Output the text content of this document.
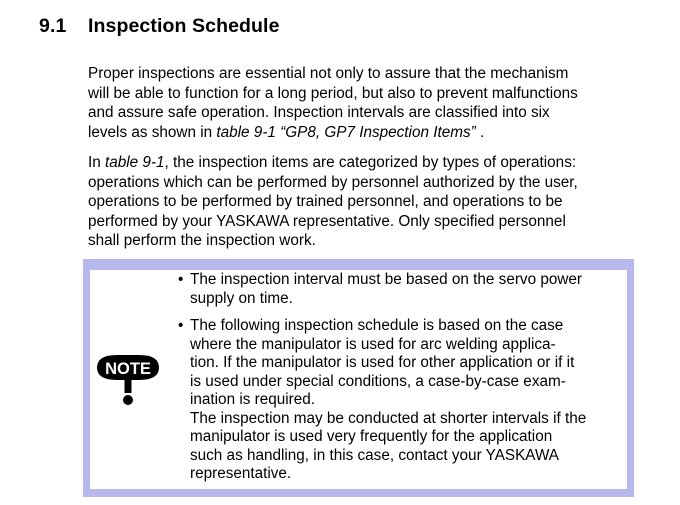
9.1 Inspection Schedule
Proper inspections are essential not only to assure that the mechanism
will be able to function for a long period, but also to prevent malfunctions
and assure safe operation. Inspection intervals are classified into six
levels as shown in table 9-1 “GP8, GP7 Inspection Items” .
In table 9-1, the inspection items are categorized by types of operations:
operations which can be performed by personnel authorized by the user,
operations to be performed by trained personnel, and operations to be
performed by your YASKAWA representative. Only specified personnel
shall perform the inspection work.
NOTE
• The inspection interval must be based on the servo power
supply on time.
• The following inspection schedule is based on the case
where the manipulator is used for arc welding applica-
tion. If the manipulator is used for other application or if it
is used under special conditions, a case-by-case exam-
ination is required.
The inspection may be conducted at shorter intervals if the
manipulator is used very frequently for the application
such as handling, in this case, contact your YASKAWA
representative.
